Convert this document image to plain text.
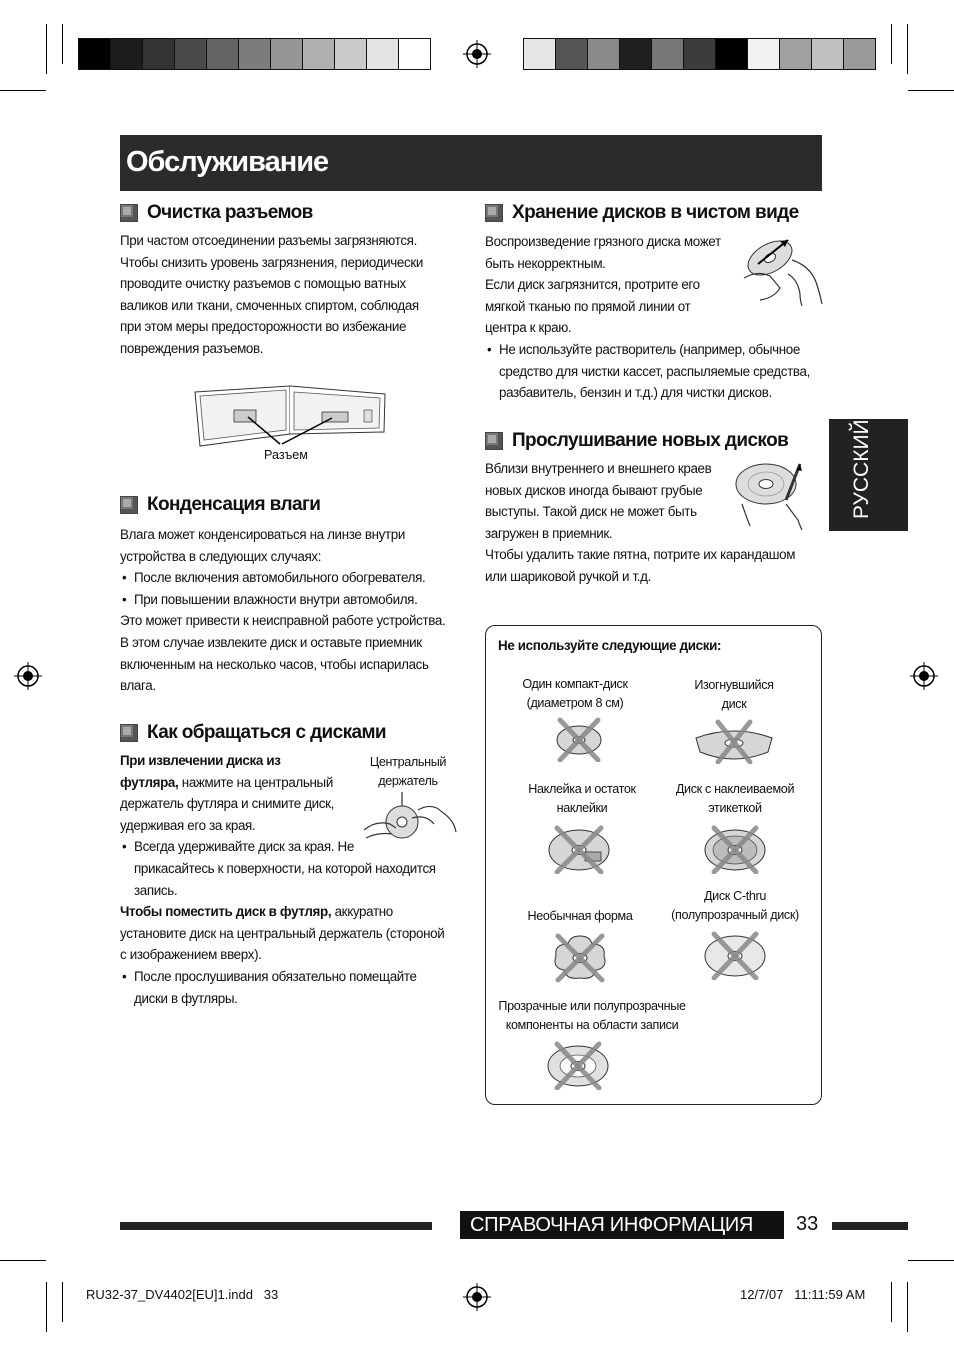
Обслуживание
Очистка разъемов

При частом отсоединении разъемы загрязняются.

Чтобы снизить уровень загрязнения, периодически

проводите очистку разъемов с помощью ватных

валиков или ткани, смоченных спиртом, соблюдая

при этом меры предосторожности во избежание

повреждения разъемов.

Разъем
Конденсация влаги

Влага может конденсироваться на линзе внутри

устройства в следующих случаях:

• После включения автомобильного обогревателя.

• При повышении влажности внутри автомобиля.

Это может привести к неисправной работе устройства.

В этом случае извлеките диск и оставьте приемник

включенным на несколько часов, чтобы испарилась

влага.

Как обращаться с дисками

При извлечении диска из

футляра, нажмите на центральный

держатель футляра и снимите диск,

удерживая его за края.

• Всегда удерживайте диск за края. Не

прикасайтесь к поверхности, на которой находится

запись.

Чтобы поместить диск в футляр, аккуратно

установите диск на центральный держатель (стороной

с изображением вверх).

• После прослушивания обязательно помещайте

диски в футляры.

Центральный

держатель

Хранение дисков в чистом виде

Воспроизведение грязного диска может

быть некорректным.

Если диск загрязнится, протрите его

мягкой тканью по прямой линии от

центра к краю.

• Не используйте растворитель (например, обычное

средство для чистки кассет, распыляемые средства,

разбавитель, бензин и т.д.) для чистки дисков.

Прослушивание новых дисков

Вблизи внутреннего и внешнего краев

новых дисков иногда бывают грубые

выступы. Такой диск не может быть

загружен в приемник.

Чтобы удалить такие пятна, потрите их карандашом

или шариковой ручкой и т.д.

РУССКИЙ
Не используйте следующие диски:

Один компакт-диск

(диаметром 8 см)

Изогнувшийся

диск

Наклейка и остаток

наклейки

Диск с наклеиваемой

этикеткой

Необычная форма

Диск C-thru

(полупрозрачный диск)

Прозрачные или полупрозрачные

компоненты на области записи

СПРАВОЧНАЯ ИНФОРМАЦИЯ 33
RU32-37_DV4402[EU]1.indd   33	12/7/07   11:11:59 AM
